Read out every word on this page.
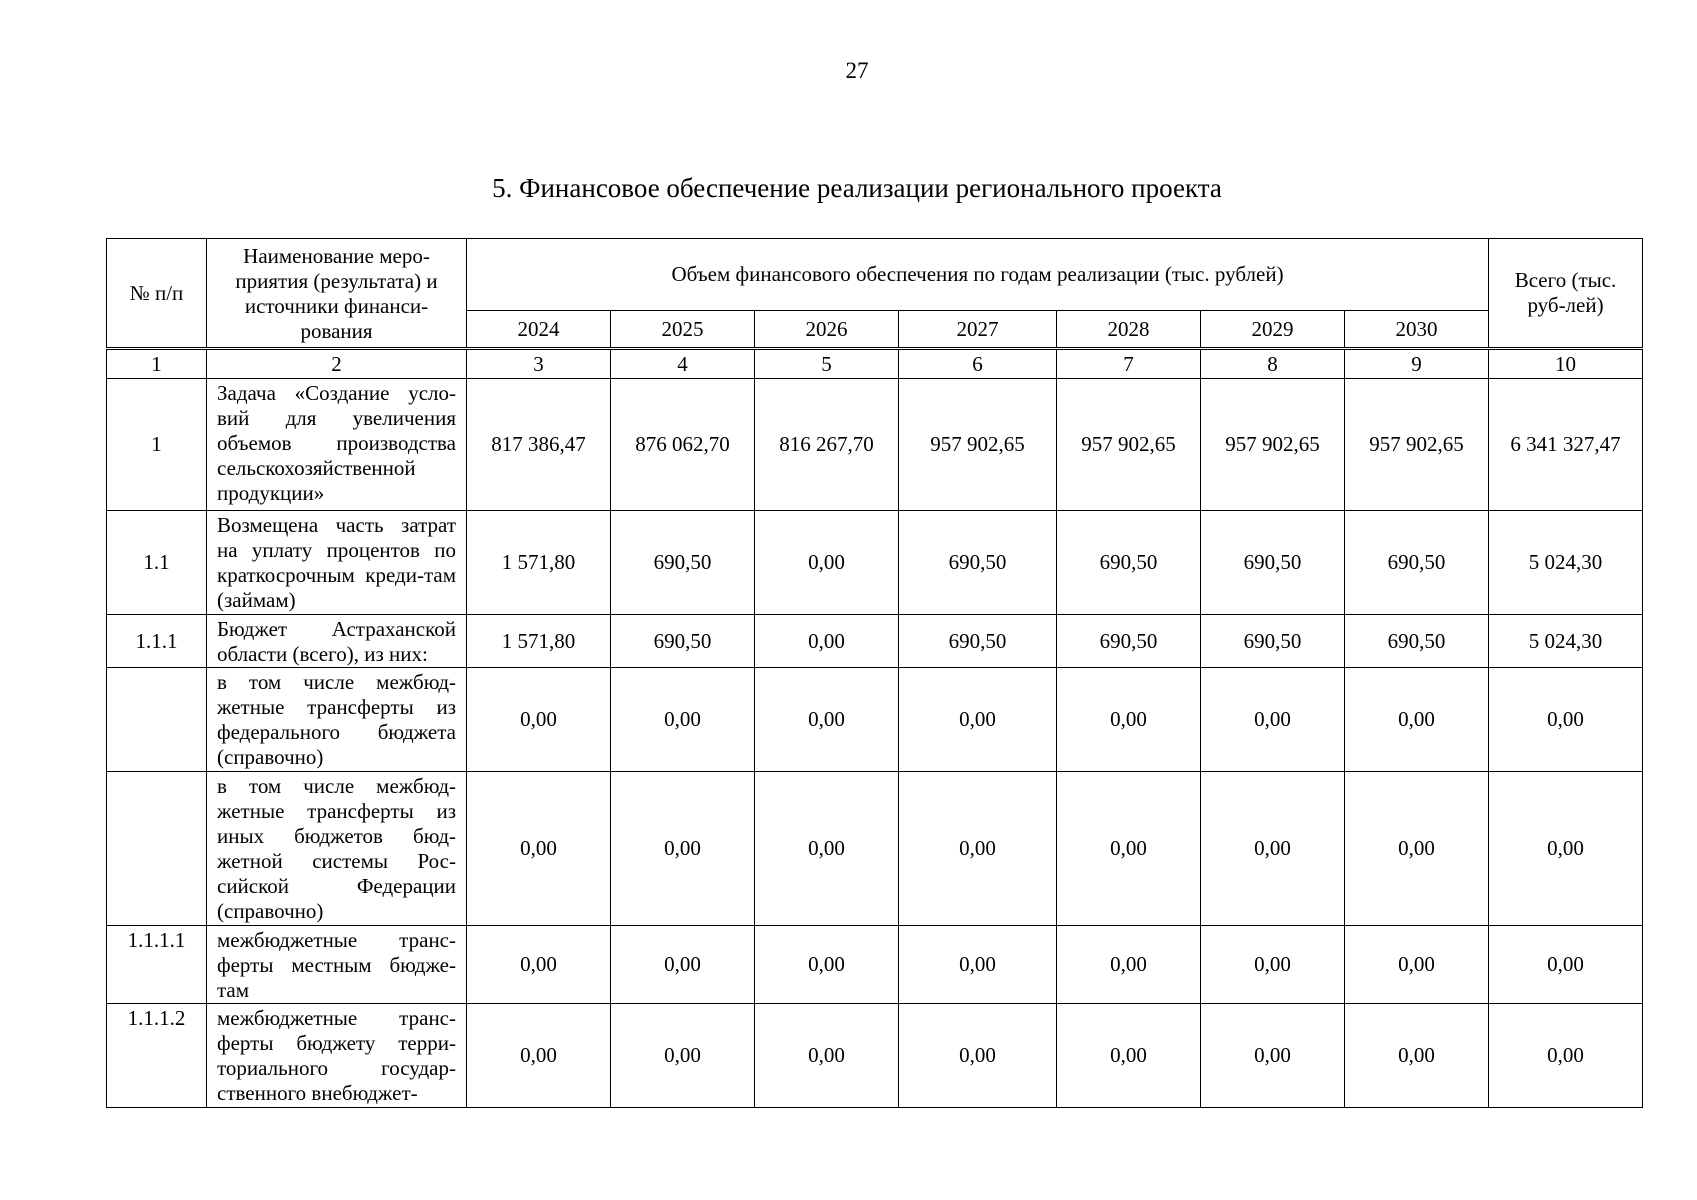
27
5. Финансовое обеспечение реализации регионального проекта
№ п/п	Наименование меро-приятия (результата) и источники финанси-рования	Объем финансового обеспечения по годам реализации (тыс. рублей)							Всего (тыс. руб-лей)
		2024	2025	2026	2027	2028	2029	2030	
1	2	3	4	5	6	7	8	9	10
1	Задача «Создание усло-вий для увеличения объемов производства сельскохозяйственной продукции»	817 386,47	876 062,70	816 267,70	957 902,65	957 902,65	957 902,65	957 902,65	6 341 327,47
1.1	Возмещена часть затрат на уплату процентов по краткосрочным креди-там (займам)	1 571,80	690,50	0,00	690,50	690,50	690,50	690,50	5 024,30
1.1.1	Бюджет Астраханской области (всего), из них:	1 571,80	690,50	0,00	690,50	690,50	690,50	690,50	5 024,30
	в том числе межбюд-жетные трансферты из федерального бюджета (справочно)	0,00	0,00	0,00	0,00	0,00	0,00	0,00	0,00
	в том числе межбюд-жетные трансферты из иных бюджетов бюд-жетной системы Рос-сийской Федерации (справочно)	0,00	0,00	0,00	0,00	0,00	0,00	0,00	0,00
1.1.1.1	межбюджетные транс-ферты местным бюдже-там	0,00	0,00	0,00	0,00	0,00	0,00	0,00	0,00
1.1.1.2	межбюджетные транс-ферты бюджету терри-ториального государ-ственного внебюджет-	0,00	0,00	0,00	0,00	0,00	0,00	0,00	0,00
